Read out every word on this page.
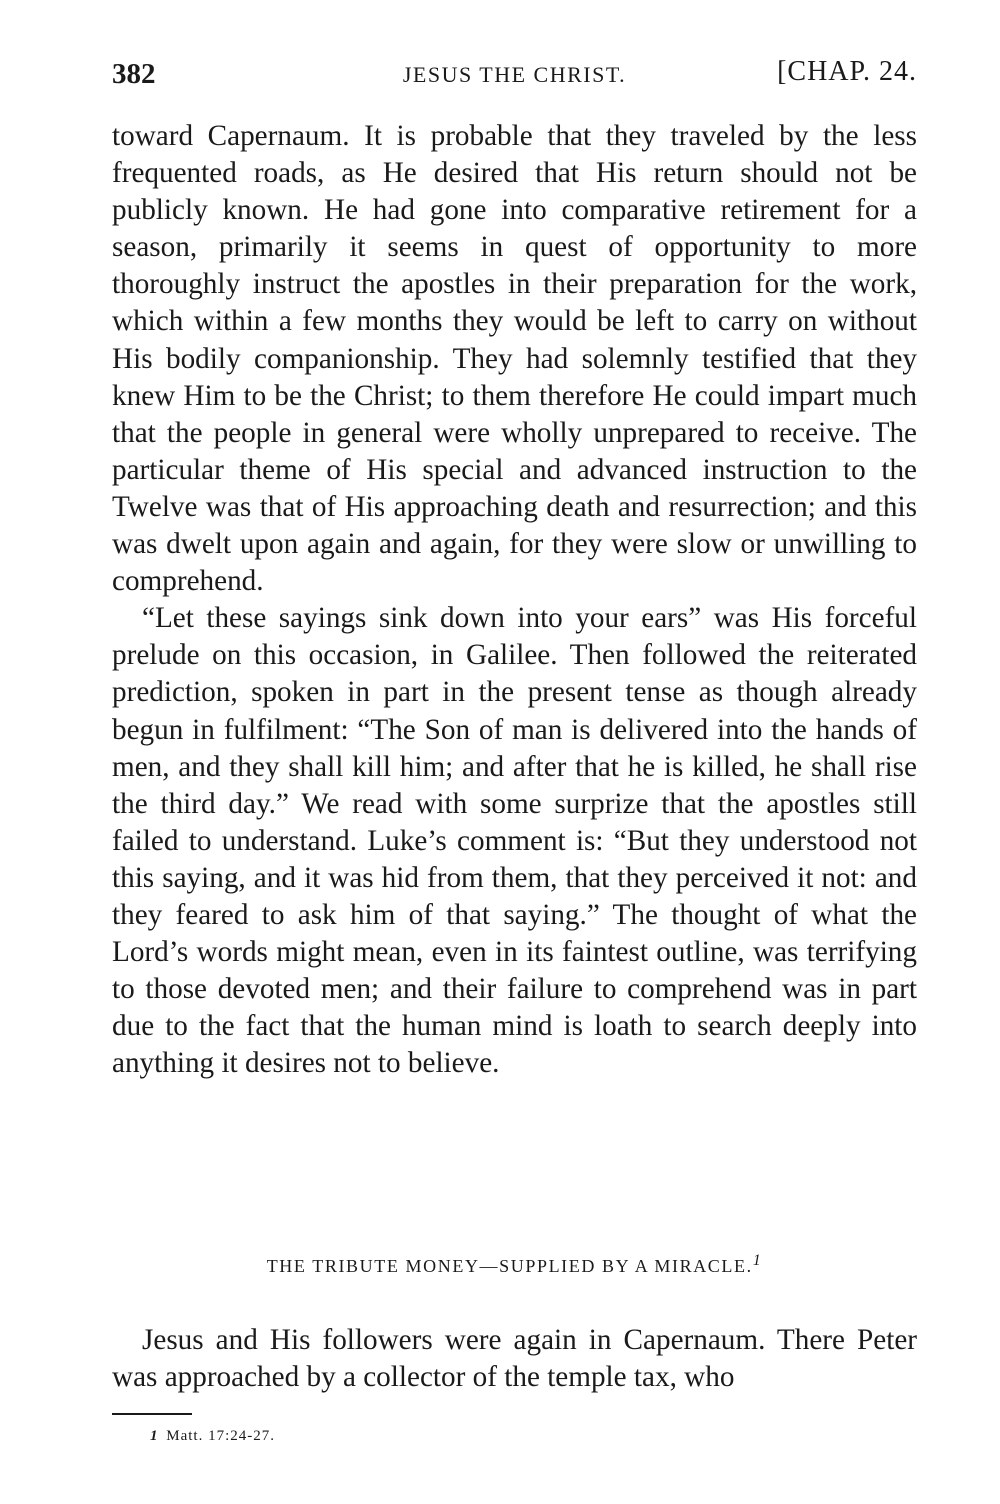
382	JESUS THE CHRIST.	[CHAP. 24.

toward Capernaum. It is probable that they traveled by the less frequented roads, as He desired that His return should not be publicly known. He had gone into comparative retirement for a season, primarily it seems in quest of opportunity to more thoroughly instruct the apostles in their preparation for the work, which within a few months they would be left to carry on without His bodily companionship. They had solemnly testified that they knew Him to be the Christ; to them therefore He could impart much that the people in general were wholly unprepared to receive. The particular theme of His special and advanced instruction to the Twelve was that of His approaching death and resurrection; and this was dwelt upon again and again, for they were slow or unwilling to comprehend.

“Let these sayings sink down into your ears” was His forceful prelude on this occasion, in Galilee. Then followed the reiterated prediction, spoken in part in the present tense as though already begun in fulfilment: “The Son of man is delivered into the hands of men, and they shall kill him; and after that he is killed, he shall rise the third day.” We read with some surprize that the apostles still failed to understand. Luke’s comment is: “But they understood not this saying, and it was hid from them, that they perceived it not: and they feared to ask him of that saying.” The thought of what the Lord’s words might mean, even in its faintest outline, was terrifying to those devoted men; and their failure to comprehend was in part due to the fact that the human mind is loath to search deeply into anything it desires not to believe.

THE TRIBUTE MONEY—SUPPLIED BY A MIRACLE.$^1$

Jesus and His followers were again in Capernaum. There Peter was approached by a collector of the temple tax, who

1 Matt. 17:24-27.
